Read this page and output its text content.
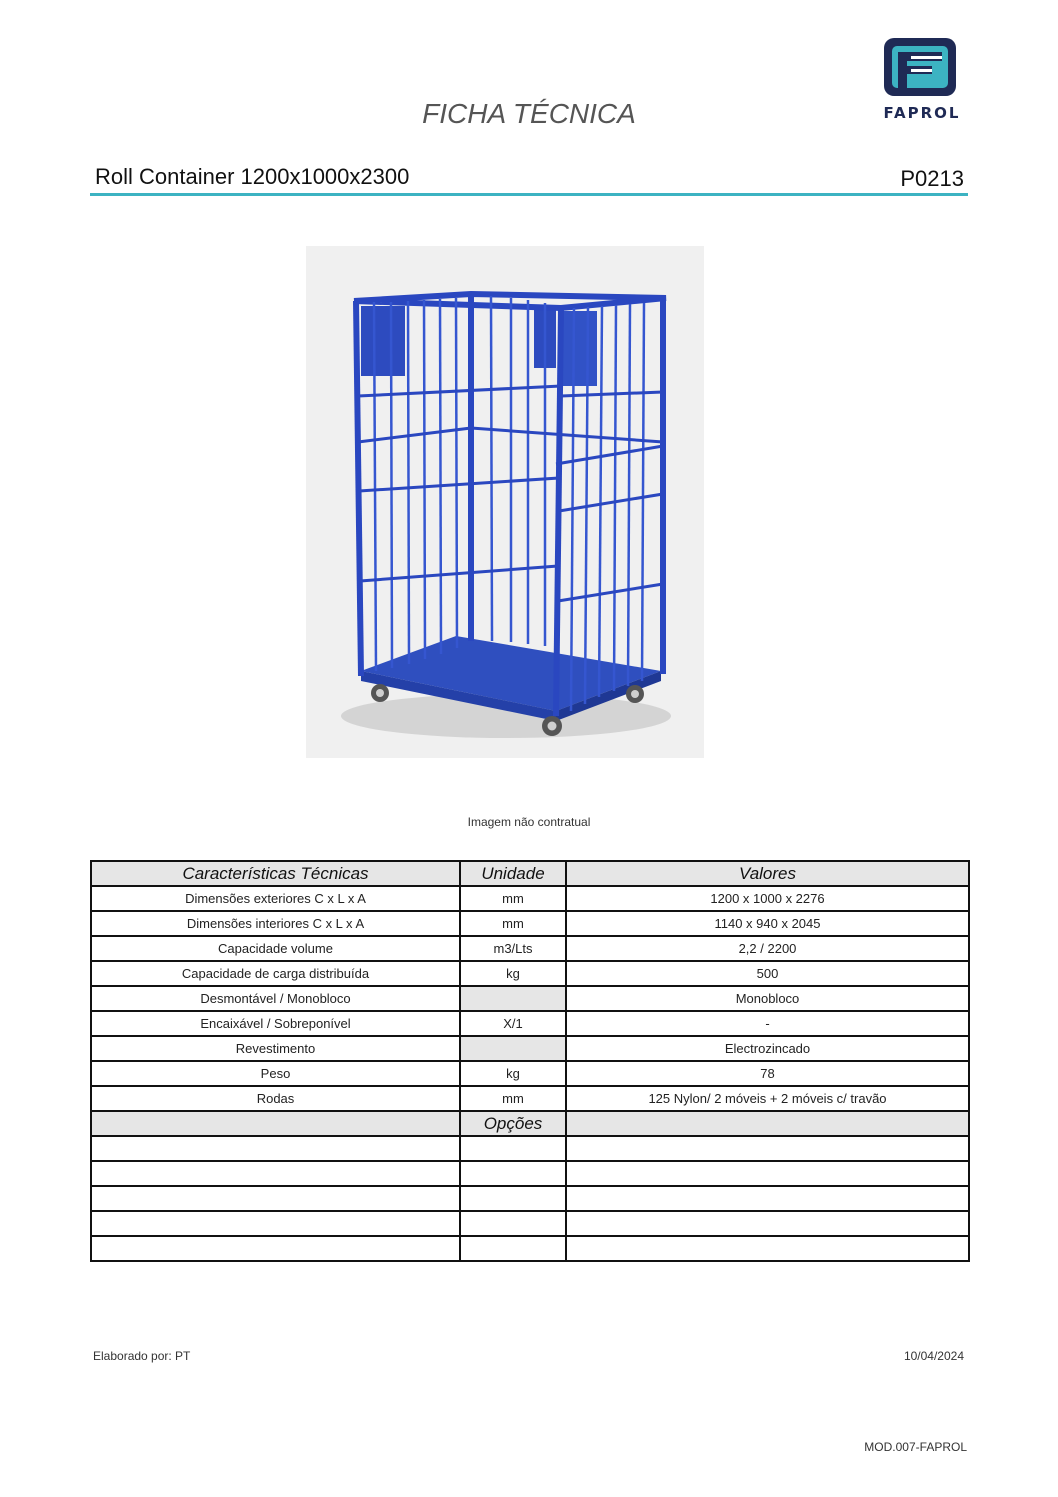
FAPROL
FICHA TÉCNICA
Roll Container 1200x1000x2300	P0213
Imagem não contratual
Características Técnicas	Unidade	Valores
Dimensões exteriores C x L x A	mm	1200 x 1000 x 2276
Dimensões interiores C x L x A	mm	1140 x 940 x 2045
Capacidade volume	m3/Lts	2,2 / 2200
Capacidade de carga distribuída	kg	500
Desmontável / Monobloco		Monobloco
Encaixável / Sobreponível	X/1	-
Revestimento		Electrozincado
Peso	kg	78
Rodas	mm	125 Nylon/ 2 móveis + 2 móveis c/ travão
	Opções	

Elaborado por: PT	10/04/2024
MOD.007-FAPROL
